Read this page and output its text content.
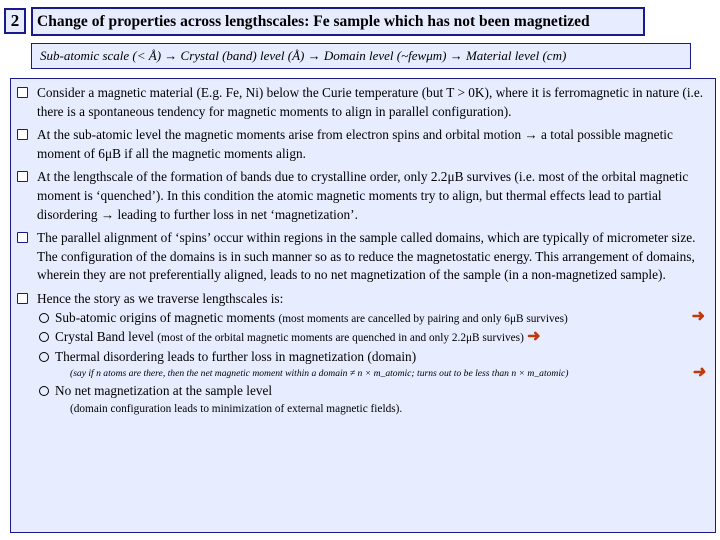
2	Change of properties across lengthscales: Fe sample which has not been magnetized
Sub-atomic scale (< Å) → Crystal (band) level (Å) → Domain level (~fewμm) → Material level (cm)
Consider a magnetic material (E.g. Fe, Ni) below the Curie temperature (but T > 0K), where it is ferromagnetic in nature (i.e. there is a spontaneous tendency for magnetic moments to align in parallel configuration).
At the sub-atomic level the magnetic moments arise from electron spins and orbital motion → a total possible magnetic moment of 6μB if all the magnetic moments align.
At the lengthscale of the formation of bands due to crystalline order, only 2.2μB survives (i.e. most of the orbital magnetic moment is ‘quenched’). In this condition the atomic magnetic moments try to align, but thermal effects lead to partial disordering → leading to further loss in net ‘magnetization’.
The parallel alignment of ‘spins’ occur within regions in the sample called domains, which are typically of micrometer size. The configuration of the domains is in such manner so as to reduce the magnetostatic energy. This arrangement of domains, wherein they are not preferentially aligned, leads to no net magnetization of the sample (in a non-magnetized sample).
Hence the story as we traverse lengthscales is:
Sub-atomic origins of magnetic moments (most moments are cancelled by pairing and only 6μB survives)	➜
Crystal Band level (most of the orbital magnetic moments are quenched in and only 2.2μB survives) ➜
Thermal disordering leads to further loss in magnetization (domain)
(say if n atoms are there, then the net magnetic moment within a domain ≠ n × m_atomic; turns out to be less than n × m_atomic)	➜
No net magnetization at the sample level
(domain configuration leads to minimization of external magnetic fields).
